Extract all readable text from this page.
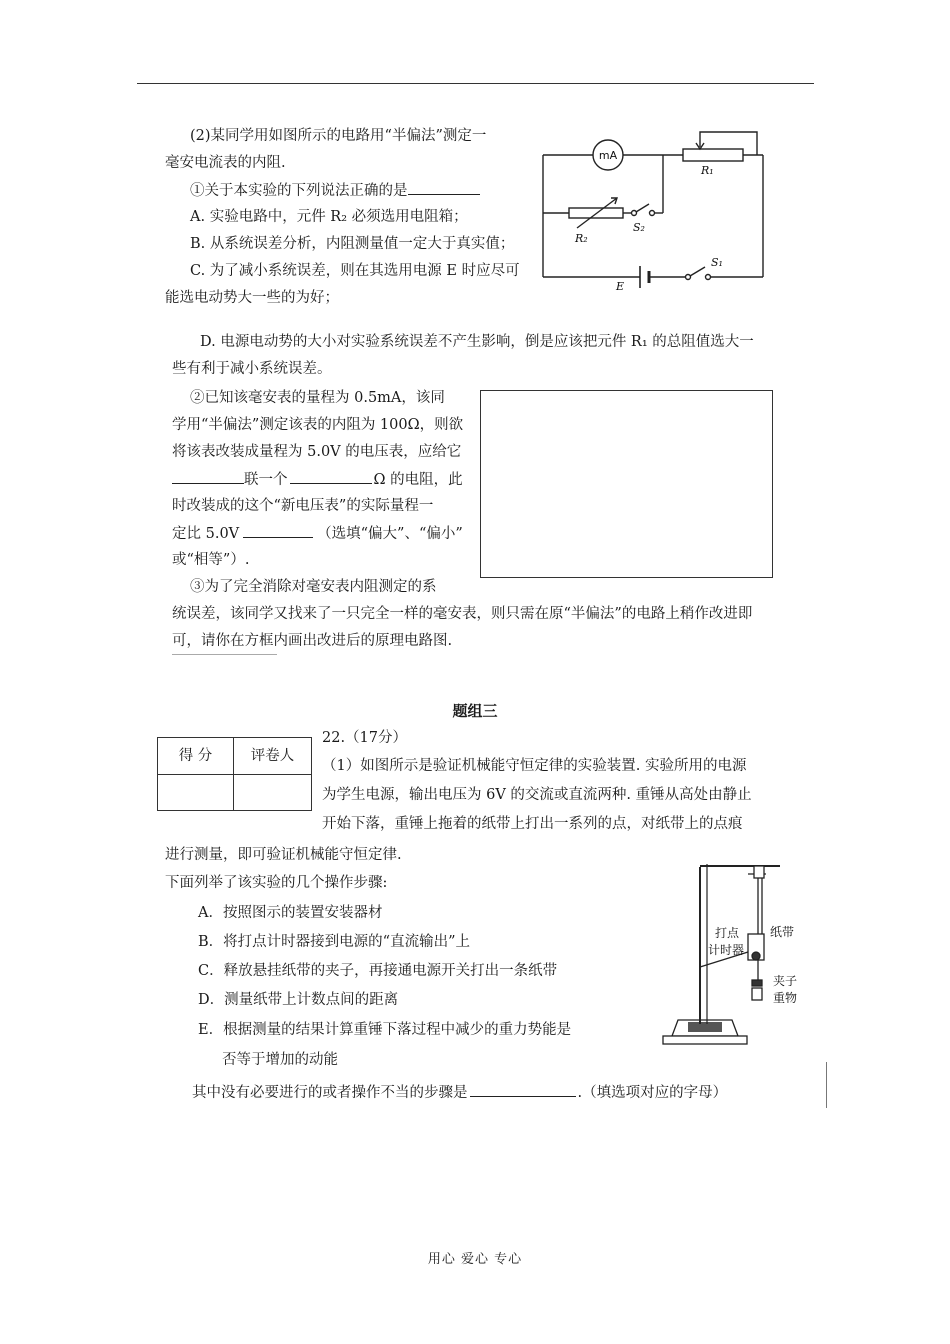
(2)某同学用如图所示的电路用“半偏法”测定一
毫安电流表的内阻.
①关于本实验的下列说法正确的是
A. 实验电路中，元件 R₂ 必须选用电阻箱；
B. 从系统误差分析，内阻测量值一定大于真实值；
C. 为了减小系统误差，则在其选用电源 E 时应尽可
能选电动势大一些的为好；
D. 电源电动势的大小对实验系统误差不产生影响，倒是应该把元件 R₁ 的总阻值选大一
些有利于减小系统误差。
mA
R₁
R₂
S₂
S₁
E
②已知该毫安表的量程为 0.5mA，该同
学用“半偏法”测定该表的内阻为 100Ω，则欲
将该表改装成量程为 5.0V 的电压表，应给它
联一个	Ω 的电阻，此
时改装成的这个“新电压表”的实际量程一
定比 5.0V	（选填“偏大”、“偏小”
或“相等”）.
③为了完全消除对毫安表内阻测定的系
统误差，该同学又找来了一只完全一样的毫安表，则只需在原“半偏法”的电路上稍作改进即
可，请你在方框内画出改进后的原理电路图.
题组三
得 分	评卷人
22.（17分）
（1）如图所示是验证机械能守恒定律的实验装置. 实验所用的电源
为学生电源，输出电压为 6V 的交流或直流两种. 重锤从高处由静止
开始下落，重锤上拖着的纸带上打出一系列的点，对纸带上的点痕
进行测量，即可验证机械能守恒定律.
下面列举了该实验的几个操作步骤:
A．按照图示的装置安装器材
B．将打点计时器接到电源的“直流输出”上
C．释放悬挂纸带的夹子，再接通电源开关打出一条纸带
D．测量纸带上计数点间的距离
E．根据测量的结果计算重锤下落过程中减少的重力势能是
否等于增加的动能
其中没有必要进行的或者操作不当的步骤是	.（填选项对应的字母）
打点
计时器
纸带
夹子
重物
用心 爱心 专心
